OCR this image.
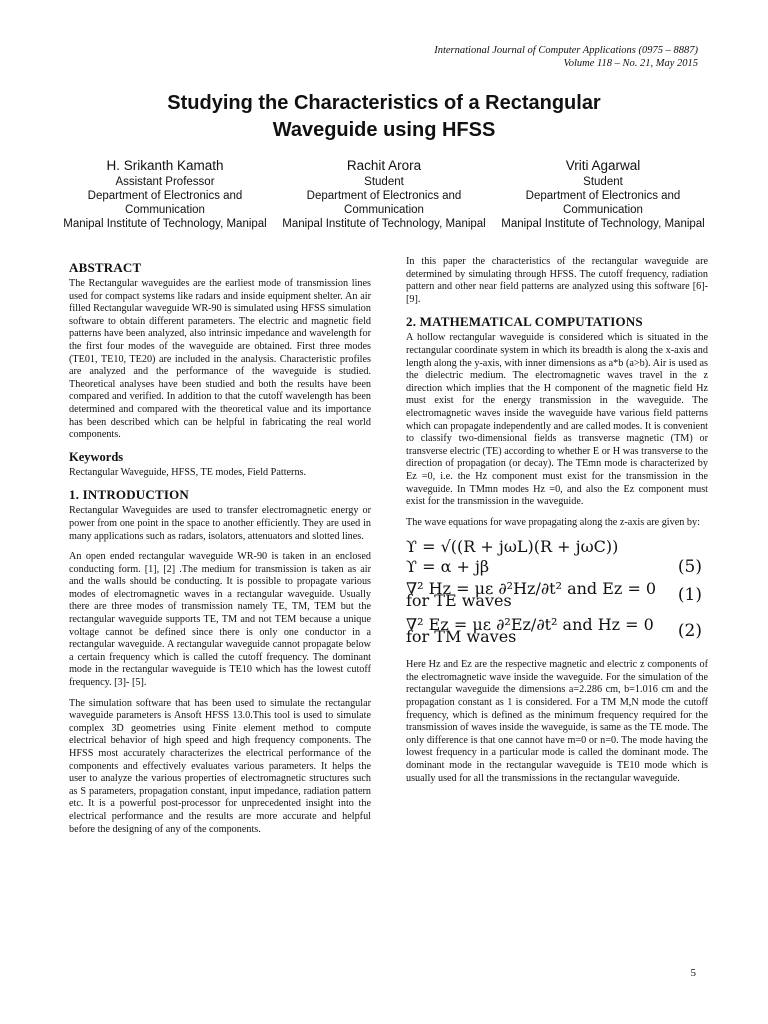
International Journal of Computer Applications (0975 – 8887)
Volume 118 – No. 21, May 2015
Studying the Characteristics of a Rectangular
Waveguide using HFSS
H. Srikanth Kamath
Assistant Professor
Department of Electronics and Communication
Manipal Institute of Technology, Manipal
Rachit Arora
Student
Department of Electronics and Communication
Manipal Institute of Technology, Manipal
Vriti Agarwal
Student
Department of Electronics and Communication
Manipal Institute of Technology, Manipal
ABSTRACT

The Rectangular waveguides are the earliest mode of transmission lines used for compact systems like radars and inside equipment shelter. An air filled Rectangular waveguide WR-90 is simulated using HFSS simulation software to obtain different parameters. The electric and magnetic field patterns have been analyzed, also intrinsic impedance and wavelength for the first four modes of the waveguide are obtained. First three modes (TE01, TE10, TE20) are included in the analysis. Characteristic profiles are analyzed and the performance of the waveguide is studied. Theoretical analyses have been studied and both the results have been compared and verified. In addition to that the cutoff wavelength has been determined and compared with the theoretical value and its importance has been described which can be helpful in fabricating the real world components.

Keywords

Rectangular Waveguide, HFSS, TE modes, Field Patterns.

1. INTRODUCTION

Rectangular Waveguides are used to transfer electromagnetic energy or power from one point in the space to another efficiently. They are used in many applications such as radars, isolators, attenuators and slotted lines.

An open ended rectangular waveguide WR-90 is taken in an enclosed conducting form. [1], [2] .The medium for transmission is taken as air and the walls should be conducting. It is possible to propagate various modes of electromagnetic waves in a rectangular waveguide. Usually there are three modes of transmission namely TE, TM, TEM but the rectangular waveguide supports TE, TM and not TEM because a unique voltage cannot be defined since there is only one conductor in a rectangular waveguide. A rectangular waveguide cannot propagate below a certain frequency which is called the cutoff frequency. The dominant mode in the rectangular waveguide is TE10 which has the lowest cutoff frequency. [3]- [5].

The simulation software that has been used to simulate the rectangular waveguide parameters is Ansoft HFSS 13.0.This tool is used to simulate complex 3D geometries using Finite element method to compute electrical behavior of high speed and high frequency components. The HFSS most accurately characterizes the electrical performance of the components and effectively evaluates various parameters. It helps the user to analyze the various properties of electromagnetic structures such as S parameters, propagation constant, input impedance, radiation pattern etc. It is a powerful post-processor for unprecedented insight into the electrical performance and the results are more accurate and helpful before the designing of any of the components.

In this paper the characteristics of the rectangular waveguide are determined by simulating through HFSS. The cutoff frequency, radiation pattern and other near field patterns are analyzed using this software [6]-[9].

2. MATHEMATICAL COMPUTATIONS

A hollow rectangular waveguide is considered which is situated in the rectangular coordinate system in which its breadth is along the x-axis and length along the y-axis, with inner dimensions as a*b (a>b). Air is used as the dielectric medium. The electromagnetic waves travel in the z direction which implies that the H component of the magnetic field Hz must exist for the energy transmission in the waveguide. The electromagnetic waves inside the waveguide have various field patterns which can propagate independently and are called modes. It is convenient to classify two-dimensional fields as transverse magnetic (TM) or transverse electric (TE) according to whether E or H was transverse to the direction of propagation (or decay). The TEmn mode is characterized by Ez =0, i.e. the Hz component must exist for the transmission in the waveguide. In TMmn modes Hz =0, and also the Ez component must exist for the transmission in the waveguide.

The wave equations for wave propagating along the z-axis are given by:

ϒ = √((R + jωL)(R + jωC))
ϒ = α + jβ	(5)
∇² Hz = με ∂²Hz/∂t² and Ez = 0 for TE waves	(1)
∇² Ez = με ∂²Ez/∂t² and Hz = 0 for TM waves	(2)

Here Hz and Ez are the respective magnetic and electric z components of the electromagnetic wave inside the waveguide. For the simulation of the rectangular waveguide the dimensions a=2.286 cm, b=1.016 cm and the propagation constant as 1 is considered. For a TM M,N mode the cutoff frequency, which is defined as the minimum frequency required for the transmission of waves inside the waveguide, is same as the TE mode. The only difference is that one cannot have m=0 or n=0. The mode having the lowest frequency in a particular mode is called the dominant mode. The dominant mode in the rectangular waveguide is TE10 mode which is usually used for all the transmissions in the rectangular waveguide.

5
